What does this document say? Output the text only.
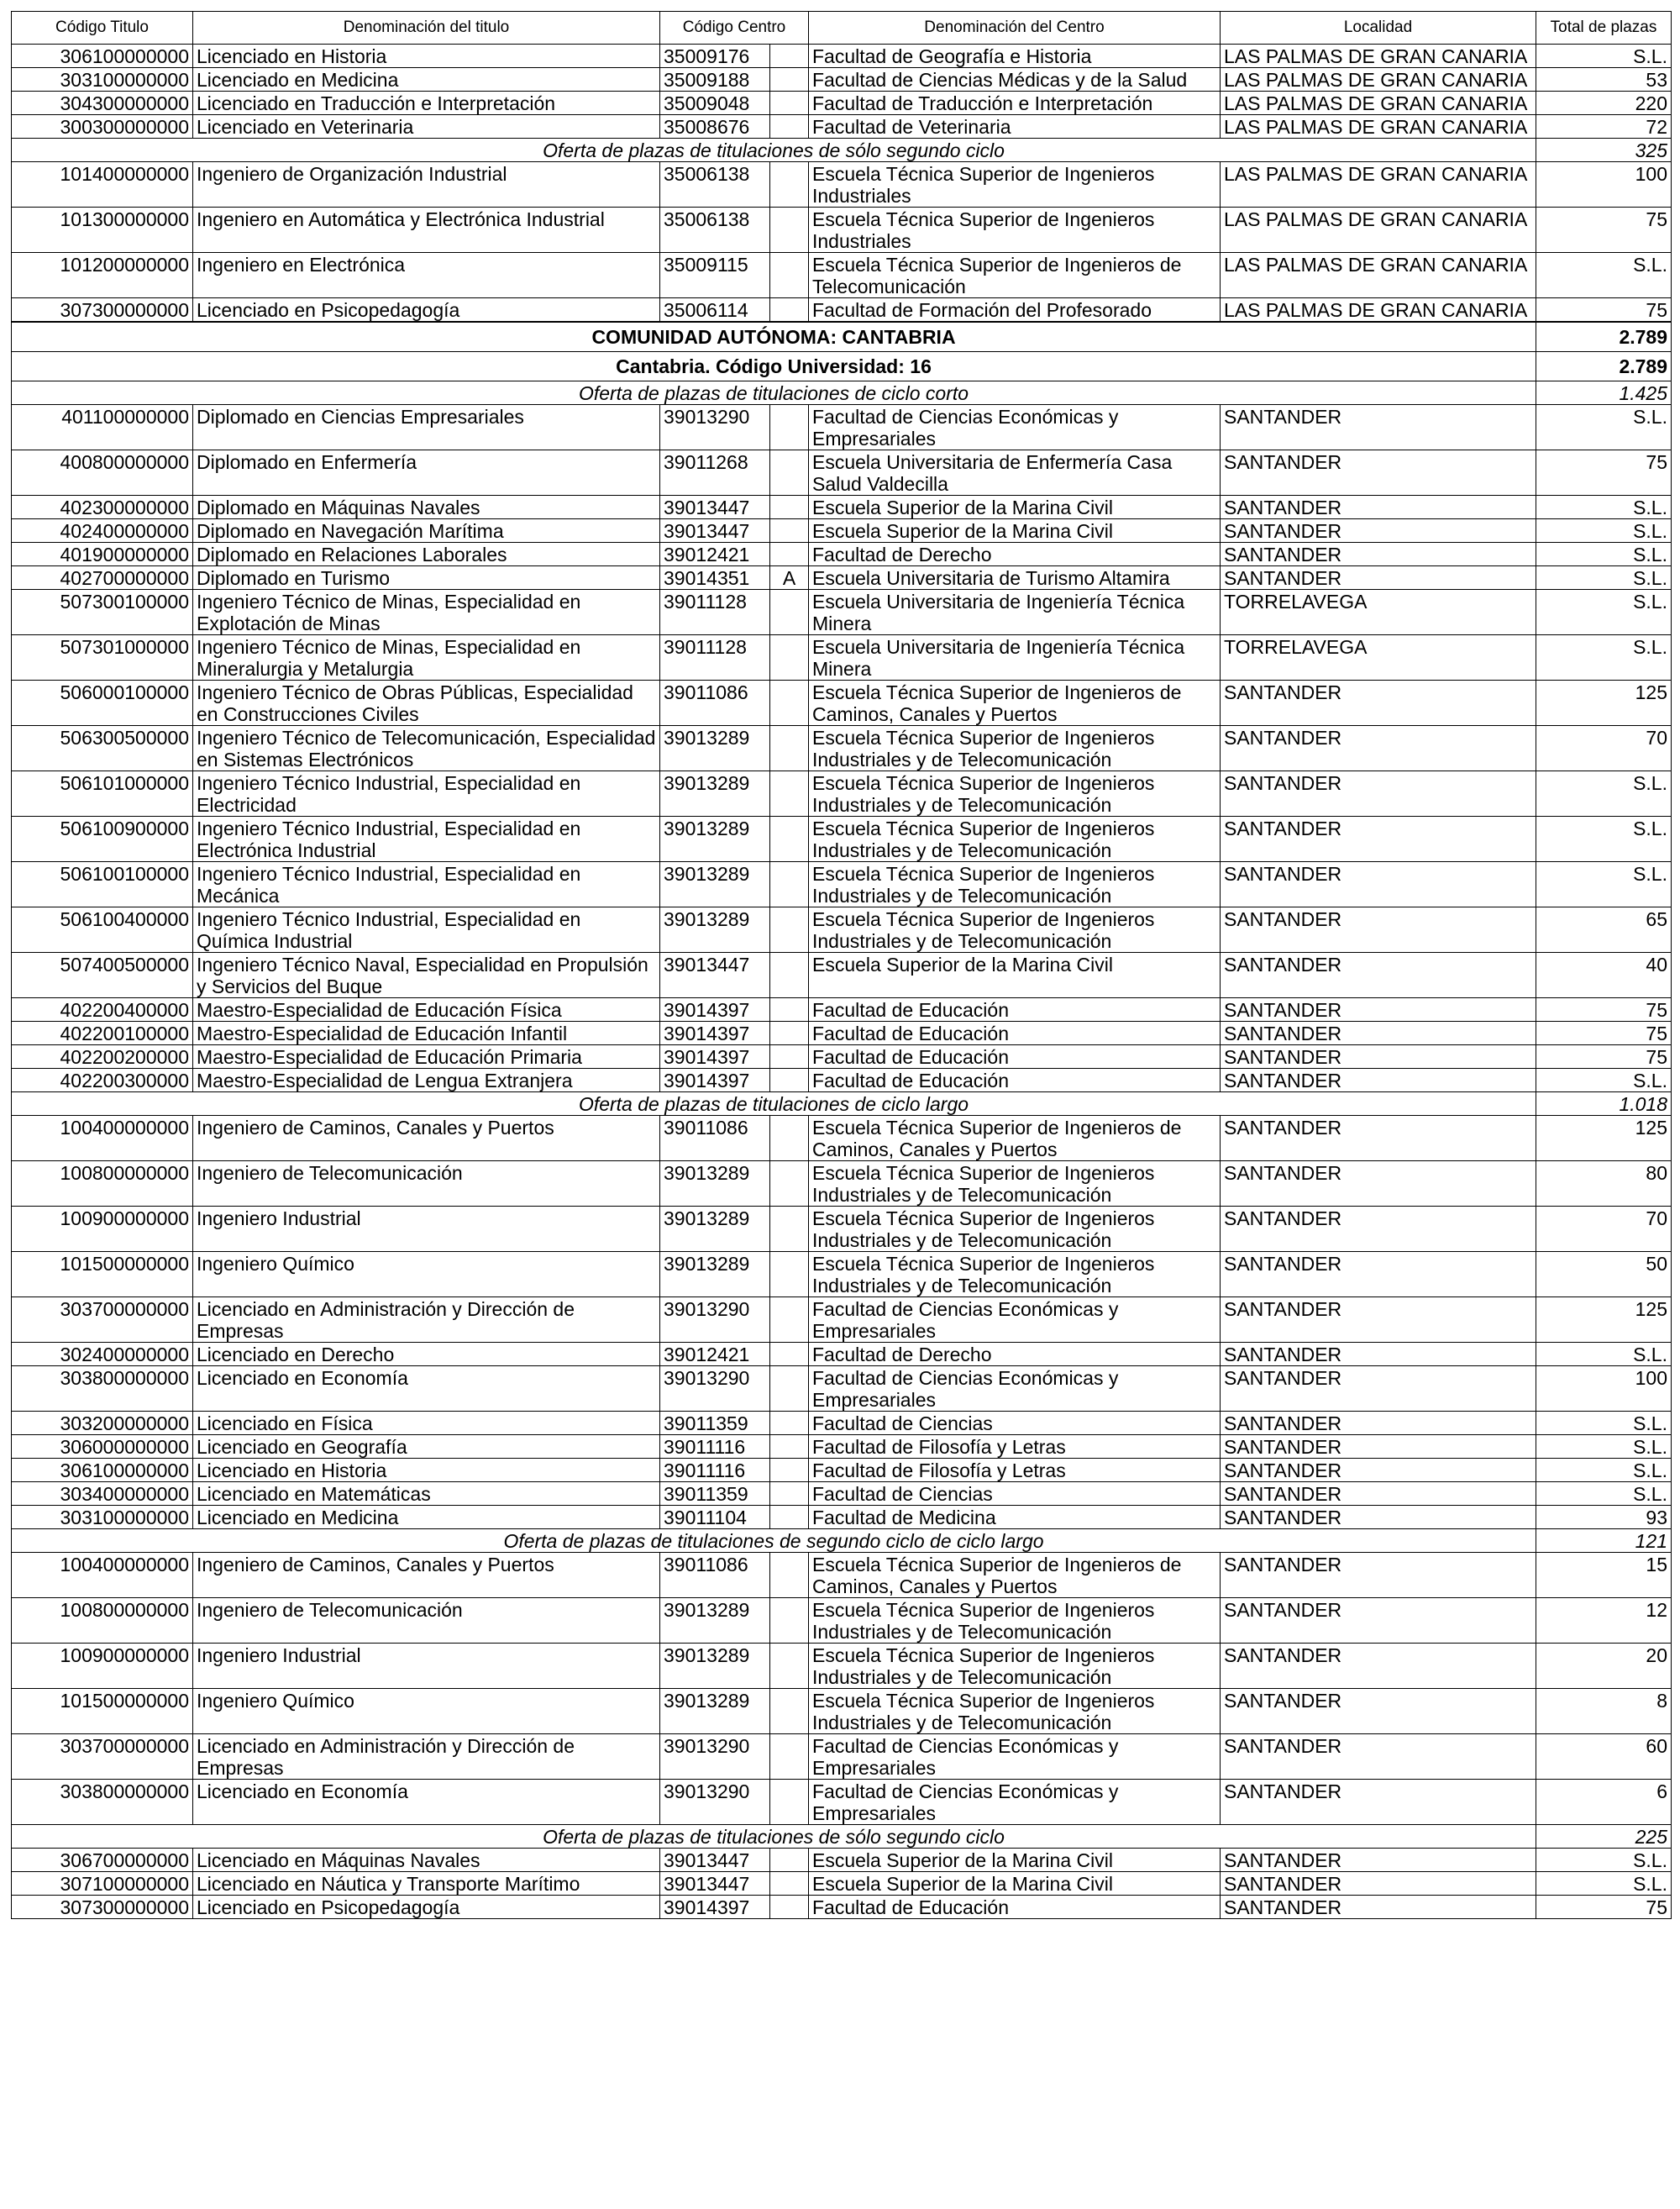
Código Titulo	Denominación del titulo	Código Centro		Denominación del Centro	Localidad	Total de plazas
306100000000	Licenciado en Historia	35009176		Facultad de Geografía e Historia	LAS PALMAS DE GRAN CANARIA	S.L.
303100000000	Licenciado en Medicina	35009188		Facultad de Ciencias Médicas y de la Salud	LAS PALMAS DE GRAN CANARIA	53
304300000000	Licenciado en Traducción e Interpretación	35009048		Facultad de Traducción e Interpretación	LAS PALMAS DE GRAN CANARIA	220
300300000000	Licenciado en Veterinaria	35008676		Facultad de Veterinaria	LAS PALMAS DE GRAN CANARIA	72
Oferta de plazas de titulaciones de sólo segundo ciclo						325
101400000000	Ingeniero de Organización Industrial	35006138		Escuela Técnica Superior de Ingenieros Industriales	LAS PALMAS DE GRAN CANARIA	100
101300000000	Ingeniero en Automática y Electrónica Industrial	35006138		Escuela Técnica Superior de Ingenieros Industriales	LAS PALMAS DE GRAN CANARIA	75
101200000000	Ingeniero en Electrónica	35009115		Escuela Técnica Superior de Ingenieros de Telecomunicación	LAS PALMAS DE GRAN CANARIA	S.L.
307300000000	Licenciado en Psicopedagogía	35006114		Facultad de Formación del Profesorado	LAS PALMAS DE GRAN CANARIA	75
COMUNIDAD AUTÓNOMA: CANTABRIA						2.789
Cantabria. Código Universidad: 16						2.789
Oferta de plazas de titulaciones de ciclo corto						1.425
401100000000	Diplomado en Ciencias Empresariales	39013290		Facultad de Ciencias Económicas y Empresariales	SANTANDER	S.L.
400800000000	Diplomado en Enfermería	39011268		Escuela Universitaria de Enfermería Casa Salud Valdecilla	SANTANDER	75
402300000000	Diplomado en Máquinas Navales	39013447		Escuela Superior de la Marina Civil	SANTANDER	S.L.
402400000000	Diplomado en Navegación Marítima	39013447		Escuela Superior de la Marina Civil	SANTANDER	S.L.
401900000000	Diplomado en Relaciones Laborales	39012421		Facultad de Derecho	SANTANDER	S.L.
402700000000	Diplomado en Turismo	39014351	A	Escuela Universitaria de Turismo Altamira	SANTANDER	S.L.
507300100000	Ingeniero Técnico de Minas, Especialidad en Explotación de Minas	39011128		Escuela Universitaria de Ingeniería Técnica Minera	TORRELAVEGA	S.L.
507301000000	Ingeniero Técnico de Minas, Especialidad en Mineralurgia y Metalurgia	39011128		Escuela Universitaria de Ingeniería Técnica Minera	TORRELAVEGA	S.L.
506000100000	Ingeniero Técnico de Obras Públicas, Especialidad en Construcciones Civiles	39011086		Escuela Técnica Superior de Ingenieros de Caminos, Canales y Puertos	SANTANDER	125
506300500000	Ingeniero Técnico de Telecomunicación, Especialidad en Sistemas Electrónicos	39013289		Escuela Técnica Superior de Ingenieros Industriales y de Telecomunicación	SANTANDER	70
506101000000	Ingeniero Técnico Industrial, Especialidad en Electricidad	39013289		Escuela Técnica Superior de Ingenieros Industriales y de Telecomunicación	SANTANDER	S.L.
506100900000	Ingeniero Técnico Industrial, Especialidad en Electrónica Industrial	39013289		Escuela Técnica Superior de Ingenieros Industriales y de Telecomunicación	SANTANDER	S.L.
506100100000	Ingeniero Técnico Industrial, Especialidad en Mecánica	39013289		Escuela Técnica Superior de Ingenieros Industriales y de Telecomunicación	SANTANDER	S.L.
506100400000	Ingeniero Técnico Industrial, Especialidad en Química Industrial	39013289		Escuela Técnica Superior de Ingenieros Industriales y de Telecomunicación	SANTANDER	65
507400500000	Ingeniero Técnico Naval, Especialidad en Propulsión y Servicios del Buque	39013447		Escuela Superior de la Marina Civil	SANTANDER	40
402200400000	Maestro-Especialidad de Educación Física	39014397		Facultad de Educación	SANTANDER	75
402200100000	Maestro-Especialidad de Educación Infantil	39014397		Facultad de Educación	SANTANDER	75
402200200000	Maestro-Especialidad de Educación Primaria	39014397		Facultad de Educación	SANTANDER	75
402200300000	Maestro-Especialidad de Lengua Extranjera	39014397		Facultad de Educación	SANTANDER	S.L.
Oferta de plazas de titulaciones de ciclo largo						1.018
100400000000	Ingeniero de Caminos, Canales y Puertos	39011086		Escuela Técnica Superior de Ingenieros de Caminos, Canales y Puertos	SANTANDER	125
100800000000	Ingeniero de Telecomunicación	39013289		Escuela Técnica Superior de Ingenieros Industriales y de Telecomunicación	SANTANDER	80
100900000000	Ingeniero Industrial	39013289		Escuela Técnica Superior de Ingenieros Industriales y de Telecomunicación	SANTANDER	70
101500000000	Ingeniero Químico	39013289		Escuela Técnica Superior de Ingenieros Industriales y de Telecomunicación	SANTANDER	50
303700000000	Licenciado en Administración y Dirección de Empresas	39013290		Facultad de Ciencias Económicas y Empresariales	SANTANDER	125
302400000000	Licenciado en Derecho	39012421		Facultad de Derecho	SANTANDER	S.L.
303800000000	Licenciado en Economía	39013290		Facultad de Ciencias Económicas y Empresariales	SANTANDER	100
303200000000	Licenciado en Física	39011359		Facultad de Ciencias	SANTANDER	S.L.
306000000000	Licenciado en Geografía	39011116		Facultad de Filosofía y Letras	SANTANDER	S.L.
306100000000	Licenciado en Historia	39011116		Facultad de Filosofía y Letras	SANTANDER	S.L.
303400000000	Licenciado en Matemáticas	39011359		Facultad de Ciencias	SANTANDER	S.L.
303100000000	Licenciado en Medicina	39011104		Facultad de Medicina	SANTANDER	93
Oferta de plazas de titulaciones de segundo ciclo de ciclo largo						121
100400000000	Ingeniero de Caminos, Canales y Puertos	39011086		Escuela Técnica Superior de Ingenieros de Caminos, Canales y Puertos	SANTANDER	15
100800000000	Ingeniero de Telecomunicación	39013289		Escuela Técnica Superior de Ingenieros Industriales y de Telecomunicación	SANTANDER	12
100900000000	Ingeniero Industrial	39013289		Escuela Técnica Superior de Ingenieros Industriales y de Telecomunicación	SANTANDER	20
101500000000	Ingeniero Químico	39013289		Escuela Técnica Superior de Ingenieros Industriales y de Telecomunicación	SANTANDER	8
303700000000	Licenciado en Administración y Dirección de Empresas	39013290		Facultad de Ciencias Económicas y Empresariales	SANTANDER	60
303800000000	Licenciado en Economía	39013290		Facultad de Ciencias Económicas y Empresariales	SANTANDER	6
Oferta de plazas de titulaciones de sólo segundo ciclo						225
306700000000	Licenciado en Máquinas Navales	39013447		Escuela Superior de la Marina Civil	SANTANDER	S.L.
307100000000	Licenciado en Náutica y Transporte Marítimo	39013447		Escuela Superior de la Marina Civil	SANTANDER	S.L.
307300000000	Licenciado en Psicopedagogía	39014397		Facultad de Educación	SANTANDER	75
